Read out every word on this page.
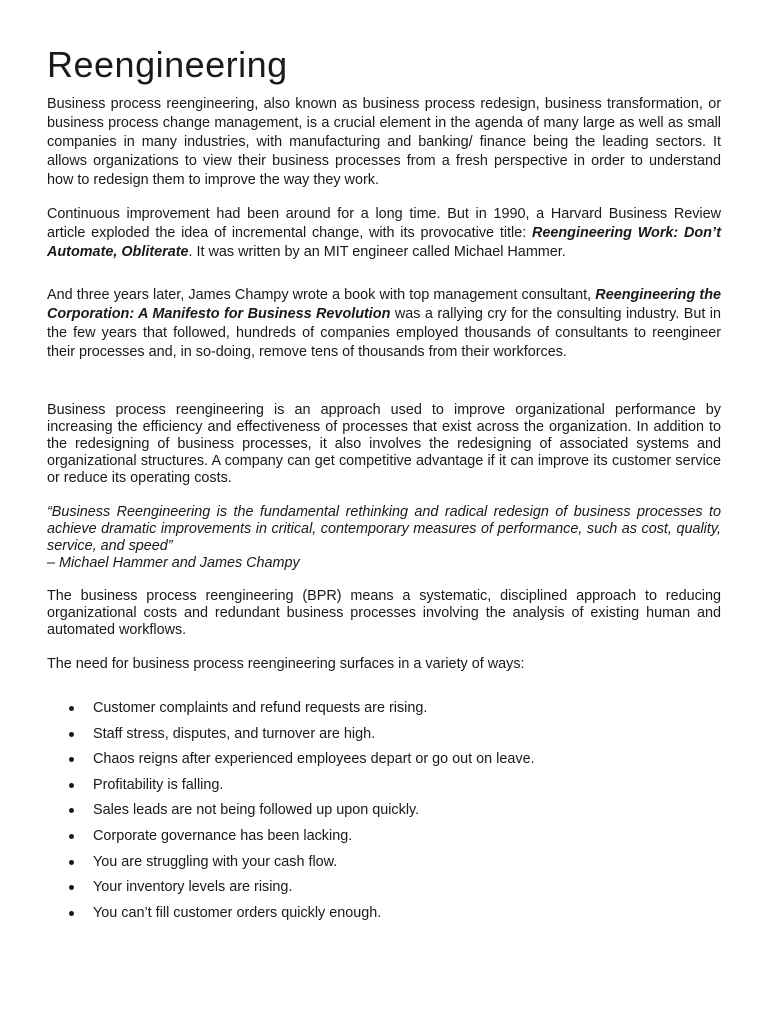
Reengineering

Business process reengineering, also known as business process redesign, business transformation, or business process change management, is a crucial element in the agenda of many large as well as small companies in many industries, with manufacturing and banking/ finance being the leading sectors. It allows organizations to view their business processes from a fresh perspective in order to understand how to redesign them to improve the way they work.

Continuous improvement had been around for a long time. But in 1990, a Harvard Business Review article exploded the idea of incremental change, with its provocative title: Reengineering Work: Don’t Automate, Obliterate. It was written by an MIT engineer called Michael Hammer.

And three years later, James Champy wrote a book with top management consultant, Reengineering the Corporation: A Manifesto for Business Revolution was a rallying cry for the consulting industry. But in the few years that followed, hundreds of companies employed thousands of consultants to reengineer their processes and, in so-doing, remove tens of thousands from their workforces.

Business process reengineering is an approach used to improve organizational performance by increasing the efficiency and effectiveness of processes that exist across the organization. In addition to the redesigning of business processes, it also involves the redesigning of associated systems and organizational structures. A company can get competitive advantage if it can improve its customer service or reduce its operating costs.

“Business Reengineering is the fundamental rethinking and radical redesign of business processes to achieve dramatic improvements in critical, contemporary measures of performance, such as cost, quality, service, and speed”

– Michael Hammer and James Champy

The business process reengineering (BPR) means a systematic, disciplined approach to reducing organizational costs and redundant business processes involving the analysis of existing human and automated workflows.

The need for business process reengineering surfaces in a variety of ways:

Customer complaints and refund requests are rising.
Staff stress, disputes, and turnover are high.
Chaos reigns after experienced employees depart or go out on leave.
Profitability is falling.
Sales leads are not being followed up upon quickly.
Corporate governance has been lacking.
You are struggling with your cash flow.
Your inventory levels are rising.
You can’t fill customer orders quickly enough.
